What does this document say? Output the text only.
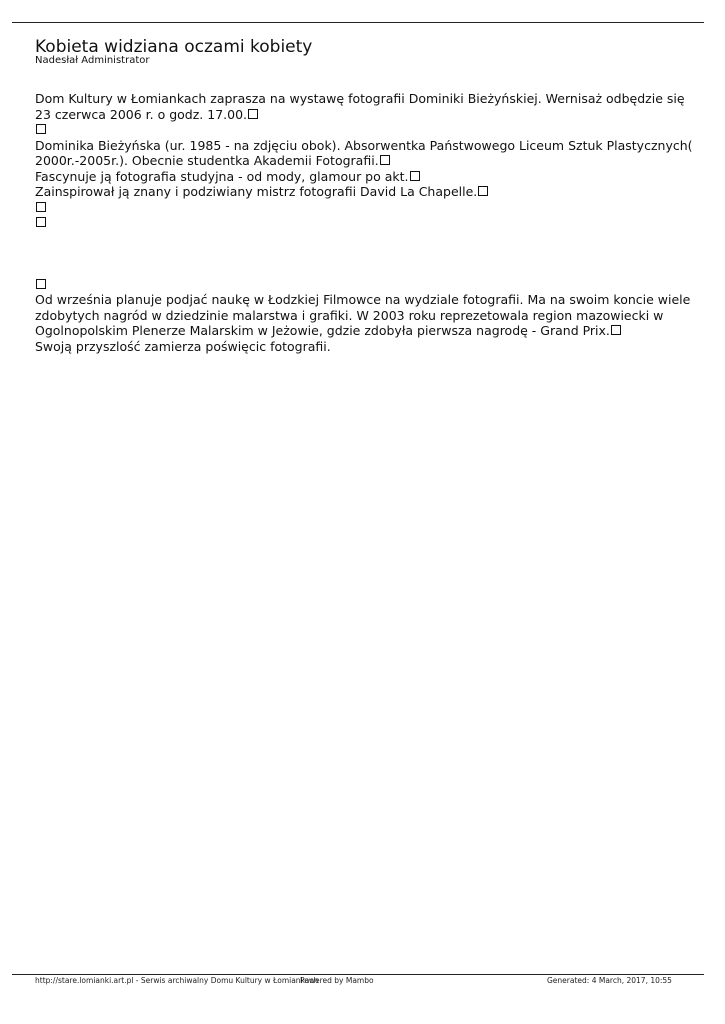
Kobieta widziana oczami kobiety
Nadesłał Administrator
Dom Kultury w Łomiankach zaprasza na wystawę fotografii Dominiki Bieżyńskiej. Wernisaż odbędzie się
23 czerwca 2006 r. o godz. 17.00.
Dominika Bieżyńska (ur. 1985 - na zdjęciu obok). Absorwentka Państwowego Liceum Sztuk Plastycznych(
2000r.-2005r.). Obecnie studentka Akademii Fotografii.
Fascynuje ją fotografia studyjna - od mody, glamour po akt.
Zainspirował ją znany i podziwiany mistrz fotografii David La Chapelle.
Od września planuje podjać naukę w Łodzkiej Filmowce na wydziale fotografii. Ma na swoim koncie wiele
zdobytych nagród w dziedzinie malarstwa i grafiki. W 2003 roku reprezetowala region mazowiecki w
Ogolnopolskim Plenerze Malarskim w Jeżowie, gdzie zdobyła pierwsza nagrodę - Grand Prix.
Swoją przyszlość zamierza poświęcic fotografii.
http://stare.lomianki.art.pl - Serwis archiwalny Domu Kultury w Łomiankach
Powered by Mambo	Generated: 4 March, 2017, 10:55
